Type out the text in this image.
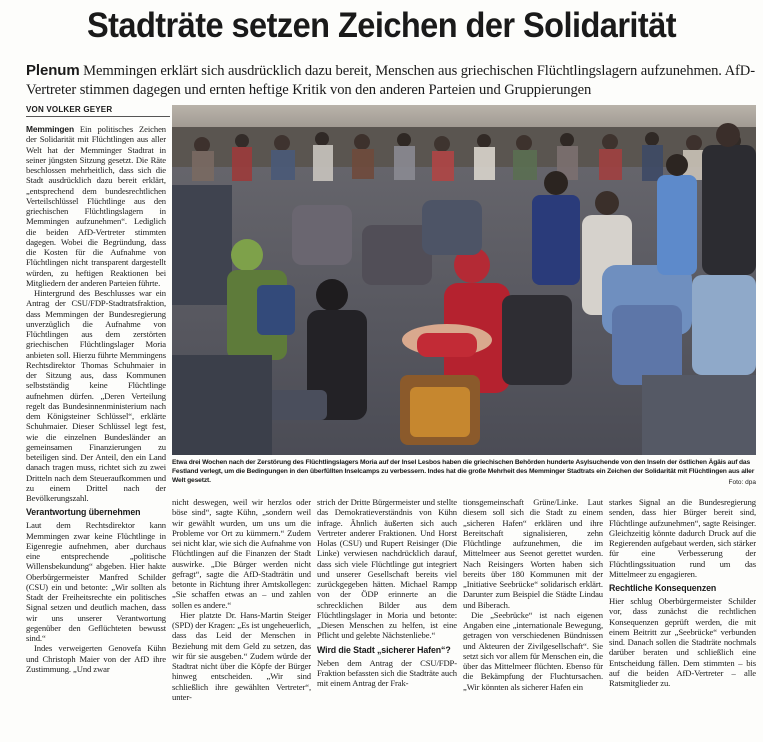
Stadträte setzen Zeichen der Solidarität
Plenum Memmingen erklärt sich ausdrücklich dazu bereit, Menschen aus griechischen Flüchtlingslagern aufzunehmen. AfD-Vertreter stimmen dagegen und ernten heftige Kritik von den anderen Parteien und Gruppierungen
VON VOLKER GEYER
Etwa drei Wochen nach der Zerstörung des Flüchtlingslagers Moria auf der Insel Lesbos haben die griechischen Behörden hunderte Asylsuchende von den Inseln der östlichen Ägäis auf das Festland verlegt, um die Bedingungen in den überfüllten Inselcamps zu verbessern. Indes hat die große Mehrheit des Memminger Stadtrats ein Zeichen der Solidarität mit Flüchtlingen aus aller Welt gesetzt.	Foto: dpa

Memmingen Ein politisches Zeichen der Solidarität mit Flüchtlingen aus aller Welt hat der Memminger Stadtrat in seiner jüngsten Sitzung gesetzt. Die Räte beschlossen mehrheitlich, dass sich die Stadt ausdrücklich dazu bereit erklärt, „entsprechend dem bundesrechtlichen Verteilschlüssel Flüchtlinge aus den griechischen Flüchtlingslagern in Memmingen aufzunehmen“. Lediglich die beiden AfD-Vertreter stimmten dagegen. Wobei die Begründung, dass die Kosten für die Aufnahme von Flüchtlingen nicht transparent dargestellt würden, zu heftigen Reaktionen bei Mitgliedern der anderen Parteien führte.

Hintergrund des Beschlusses war ein Antrag der CSU/FDP-Stadtratsfraktion, dass Memmingen der Bundesregierung unverzüglich die Aufnahme von Flüchtlingen aus dem zerstörten griechischen Flüchtlingslager Moria anbieten soll. Hierzu führte Memmingens Rechtsdirektor Thomas Schuhmaier in der Sitzung aus, dass Kommunen selbstständig keine Flüchtlinge aufnehmen dürfen. „Deren Verteilung regelt das Bundesinnenministerium nach dem Königsteiner Schlüssel“, erklärte Schuhmaier. Dieser Schlüssel legt fest, wie die einzelnen Bundesländer an gemeinsamen Finanzierungen zu beteiligen sind. Der Anteil, den ein Land danach tragen muss, richtet sich zu zwei Dritteln nach dem Steueraufkommen und zu einem Drittel nach der Bevölkerungszahl.

Verantwortung übernehmen

Laut dem Rechtsdirektor kann Memmingen zwar keine Flüchtlinge in Eigenregie aufnehmen, aber durchaus eine entsprechende „politische Willensbekundung“ abgeben. Hier hakte Oberbürgermeister Manfred Schilder (CSU) ein und betonte: „Wir sollten als Stadt der Freiheitsrechte ein politisches Signal setzen und deutlich machen, dass wir uns unserer Verantwortung gegenüber den Geflüchteten bewusst sind.“

Indes verweigerten Genovefa Kühn und Christoph Maier von der AfD ihre Zustimmung. „Und zwar

nicht deswegen, weil wir herzlos oder böse sind“, sagte Kühn, „sondern weil wir gewählt wurden, um uns um die Probleme vor Ort zu kümmern.“ Zudem sei nicht klar, wie sich die Aufnahme von Flüchtlingen auf die Finanzen der Stadt auswirke. „Die Bürger werden nicht gefragt“, sagte die AfD-Stadträtin und betonte in Richtung ihrer Amtskollegen: „Sie schaffen etwas an – und zahlen sollen es andere.“

Hier platzte Dr. Hans-Martin Steiger (SPD) der Kragen: „Es ist ungeheuerlich, dass das Leid der Menschen in Beziehung mit dem Geld zu setzen, das wir für sie ausgeben.“ Zudem würde der Stadtrat nicht über die Köpfe der Bürger hinweg entscheiden. „Wir sind schließlich ihre gewählten Vertreter“, unter-

strich der Dritte Bürgermeister und stellte das Demokratieverständnis von Kühn infrage. Ähnlich äußerten sich auch Vertreter anderer Fraktionen. Und Horst Holas (CSU) und Rupert Reisinger (Die Linke) verwiesen nachdrücklich darauf, dass sich viele Flüchtlinge gut integriert und unserer Gesellschaft bereits viel zurückgegeben hätten. Michael Rampp von der ÖDP erinnerte an die schrecklichen Bilder aus dem Flüchtlingslager in Moria und betonte: „Diesen Menschen zu helfen, ist eine Pflicht und gelebte Nächstenliebe.“

Wird die Stadt „sicherer Hafen“?

Neben dem Antrag der CSU/FDP-Fraktion befassten sich die Stadträte auch mit einem Antrag der Frak-

tionsgemeinschaft Grüne/Linke. Laut diesem soll sich die Stadt zu einem „sicheren Hafen“ erklären und ihre Bereitschaft signalisieren, zehn Flüchtlinge aufzunehmen, die im Mittelmeer aus Seenot gerettet wurden. Nach Reisingers Worten haben sich bereits über 180 Kommunen mit der „Initiative Seebrücke“ solidarisch erklärt. Darunter zum Beispiel die Städte Lindau und Biberach.

Die „Seebrücke“ ist nach eigenen Angaben eine „internationale Bewegung, getragen von verschiedenen Bündnissen und Akteuren der Zivilgesellschaft“. Sie setzt sich vor allem für Menschen ein, die über das Mittelmeer flüchten. Ebenso für die Bekämpfung der Fluchtursachen. „Wir könnten als sicherer Hafen ein

starkes Signal an die Bundesregierung senden, dass hier Bürger bereit sind, Flüchtlinge aufzunehmen“, sagte Reisinger. Gleichzeitig könnte dadurch Druck auf die Regierenden aufgebaut werden, sich stärker für eine Verbesserung der Flüchtlingssituation rund um das Mittelmeer zu engagieren.

Rechtliche Konsequenzen

Hier schlug Oberbürgermeister Schilder vor, dass zunächst die rechtlichen Konsequenzen geprüft werden, die mit einem Beitritt zur „Seebrücke“ verbunden sind. Danach sollen die Stadträte nochmals darüber beraten und schließlich eine Entscheidung fällen. Dem stimmten – bis auf die beiden AfD-Vertreter – alle Ratsmitglieder zu.
